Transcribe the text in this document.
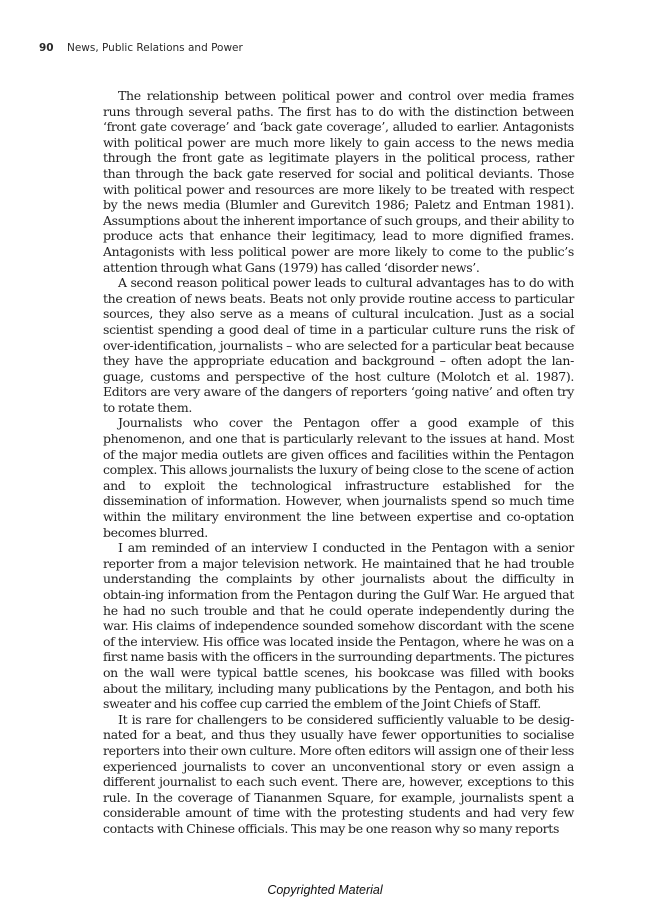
90 News, Public Relations and Power

The relationship between political power and control over media frames runs through several paths. The first has to do with the distinction between ‘front gate coverage’ and ‘back gate coverage’, alluded to earlier. Antagonists with political power are much more likely to gain access to the news media through the front gate as legitimate players in the political process, rather than through the back gate reserved for social and political deviants. Those with political power and resources are more likely to be treated with respect by the news media (Blumler and Gurevitch 1986; Paletz and Entman 1981). Assumptions about the inherent importance of such groups, and their ability to produce acts that enhance their legitimacy, lead to more dignified frames. Antagonists with less political power are more likely to come to the public’s attention through what Gans (1979) has called ‘disorder news’.

A second reason political power leads to cultural advantages has to do with the creation of news beats. Beats not only provide routine access to particular sources, they also serve as a means of cultural inculcation. Just as a social scientist spending a good deal of time in a particular culture runs the risk of over-identification, journalists – who are selected for a particular beat because they have the appropriate education and background – often adopt the lan-guage, customs and perspective of the host culture (Molotch et al. 1987). Editors are very aware of the dangers of reporters ‘going native’ and often try to rotate them.

Journalists who cover the Pentagon offer a good example of this phenomenon, and one that is particularly relevant to the issues at hand. Most of the major media outlets are given offices and facilities within the Pentagon complex. This allows journalists the luxury of being close to the scene of action and to exploit the technological infrastructure established for the dissemination of information. However, when journalists spend so much time within the military environment the line between expertise and co-optation becomes blurred.

I am reminded of an interview I conducted in the Pentagon with a senior reporter from a major television network. He maintained that he had trouble understanding the complaints by other journalists about the difficulty in obtain-ing information from the Pentagon during the Gulf War. He argued that he had no such trouble and that he could operate independently during the war. His claims of independence sounded somehow discordant with the scene of the interview. His office was located inside the Pentagon, where he was on a first name basis with the officers in the surrounding departments. The pictures on the wall were typical battle scenes, his bookcase was filled with books about the military, including many publications by the Pentagon, and both his sweater and his coffee cup carried the emblem of the Joint Chiefs of Staff.

It is rare for challengers to be considered sufficiently valuable to be desig-nated for a beat, and thus they usually have fewer opportunities to socialise reporters into their own culture. More often editors will assign one of their less experienced journalists to cover an unconventional story or even assign a different journalist to each such event. There are, however, exceptions to this rule. In the coverage of Tiananmen Square, for example, journalists spent a considerable amount of time with the protesting students and had very few contacts with Chinese officials. This may be one reason why so many reports

Copyrighted Material
